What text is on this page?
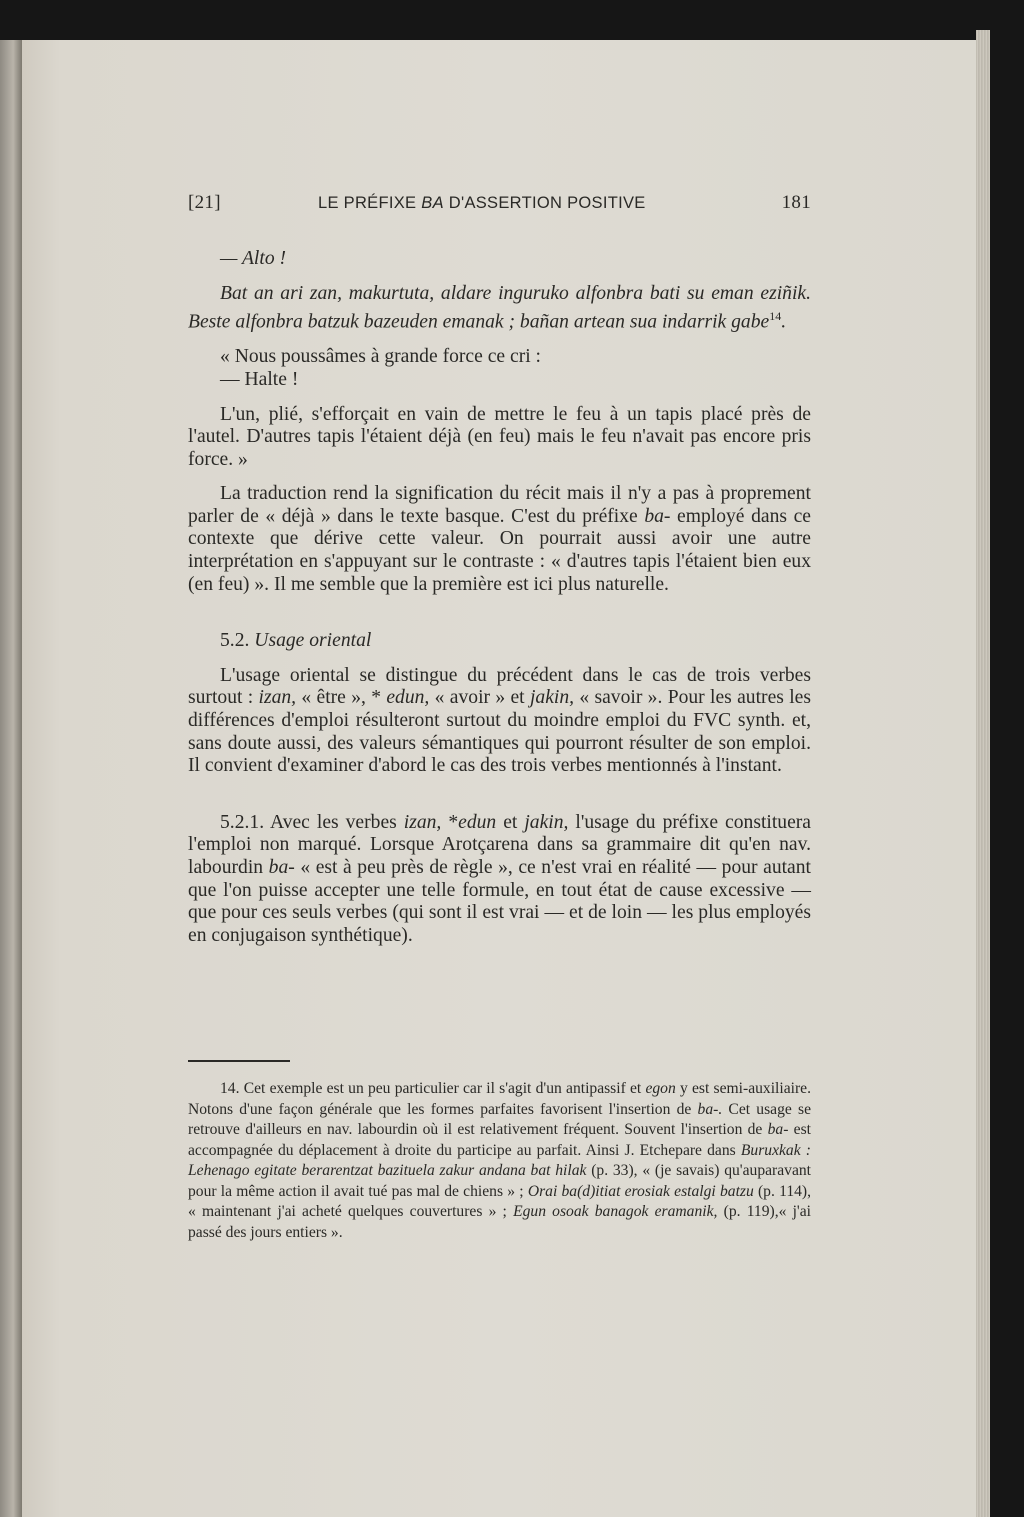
[21]	LE PRÉFIXE BA D'ASSERTION POSITIVE	181

— Alto !

Bat an ari zan, makurtuta, aldare inguruko alfonbra bati su eman eziñik. Beste alfonbra batzuk bazeuden emanak ; bañan artean sua indarrik gabe$^{14}$.

« Nous poussâmes à grande force ce cri :

— Halte !

L'un, plié, s'efforçait en vain de mettre le feu à un tapis placé près de l'autel. D'autres tapis l'étaient déjà (en feu) mais le feu n'avait pas encore pris force. »

La traduction rend la signification du récit mais il n'y a pas à proprement parler de « déjà » dans le texte basque. C'est du préfixe ba- employé dans ce contexte que dérive cette valeur. On pourrait aussi avoir une autre interprétation en s'appuyant sur le contraste : « d'autres tapis l'étaient bien eux (en feu) ». Il me semble que la première est ici plus naturelle.

5.2. Usage oriental

L'usage oriental se distingue du précédent dans le cas de trois verbes surtout : izan, « être », * edun, « avoir » et jakin, « savoir ». Pour les autres les différences d'emploi résulteront surtout du moindre emploi du FVC synth. et, sans doute aussi, des valeurs sémantiques qui pourront résulter de son emploi. Il convient d'examiner d'abord le cas des trois verbes mentionnés à l'instant.

5.2.1. Avec les verbes izan, *edun et jakin, l'usage du préfixe constituera l'emploi non marqué. Lorsque Arotçarena dans sa grammaire dit qu'en nav. labourdin ba- « est à peu près de règle », ce n'est vrai en réalité — pour autant que l'on puisse accepter une telle formule, en tout état de cause excessive — que pour ces seuls verbes (qui sont il est vrai — et de loin — les plus employés en conjugaison synthétique).

14. Cet exemple est un peu particulier car il s'agit d'un antipassif et egon y est semi-auxiliaire. Notons d'une façon générale que les formes parfaites favorisent l'insertion de ba-. Cet usage se retrouve d'ailleurs en nav. labourdin où il est relativement fréquent. Souvent l'insertion de ba- est accompagnée du déplacement à droite du participe au parfait. Ainsi J. Etchepare dans Buruxkak : Lehenago egitate berarentzat bazituela zakur andana bat hilak (p. 33), « (je savais) qu'auparavant pour la même action il avait tué pas mal de chiens » ; Orai ba(d)itiat erosiak estalgi batzu (p. 114), « maintenant j'ai acheté quelques couvertures » ; Egun osoak banagok eramanik, (p. 119),« j'ai passé des jours entiers ».
